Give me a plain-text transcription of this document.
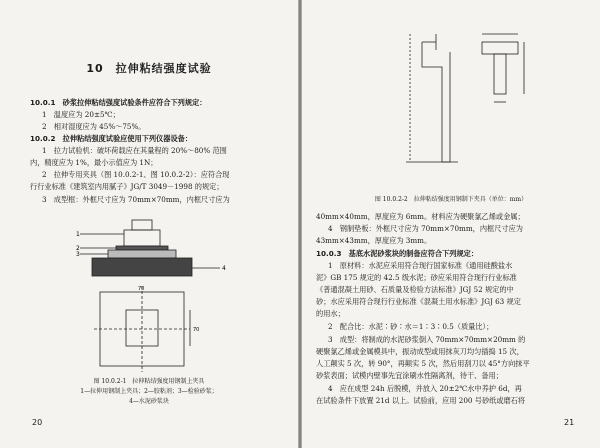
10　拉伸粘结强度试验
10.0.1　砂浆拉伸粘结强度试验条件应符合下列规定：
1　温度应为 20±5℃；
2　相对湿度应为 45%～75%。
10.0.2　拉伸粘结强度试验应使用下列仪器设备：
1　拉力试验机：破坏荷载应在其量程的 20%～80% 范围
内，精度应为 1%，最小示值应为 1N；
2　拉伸专用夹具（图 10.0.2-1、图 10.0.2-2）：应符合现
行行业标准《建筑室内用腻子》JG/T 3049－1998 的规定；
3　成型框：外框尺寸应为 70mm×70mm，内框尺寸应为
1
2
3
4
70
70
图 10.0.2-1　拉伸粘结强度用钢制上夹具
1—拉伸用钢制上夹具；2—胶粘剂；3—检验砂浆；
4—水泥砂浆块
20
图 10.0.2-2　拉伸粘结强度用钢制下夹具（单位：mm）
40mm×40mm，厚度应为 6mm。材料应为硬聚氯乙烯或金属；
4　钢制垫板：外框尺寸应为 70mm×70mm，内框尺寸应为
43mm×43mm，厚度应为 3mm。
10.0.3　基底水泥砂浆块的制备应符合下列规定：
1　原材料：水泥应采用符合现行国家标准《通用硅酸盐水
泥》GB 175 规定的 42.5 级水泥；砂应采用符合现行行业标准
《普通混凝土用砂、石质量及检验方法标准》JGJ 52 规定的中
砂；水应采用符合现行行业标准《混凝土用水标准》JGJ 63 规定
的用水；
2　配合比：水泥∶砂∶水＝1∶3∶0.5（质量比）；
3　成型：将制成的水泥砂浆倒入 70mm×70mm×20mm 的
硬聚氯乙烯或金属模具中，振动成型或用抹灰刀均匀插捣 15 次，
人工颠实 5 次，转 90°，再颠实 5 次，然后用刮刀以 45°方向抹平
砂浆表面；试模内壁事先宜涂刷水性隔离剂，待干、备用；
4　应在成型 24h 后脱模，并放入 20±2℃水中养护 6d，再
在试验条件下放置 21d 以上。试验前，应用 200 号砂纸或磨石将
21
